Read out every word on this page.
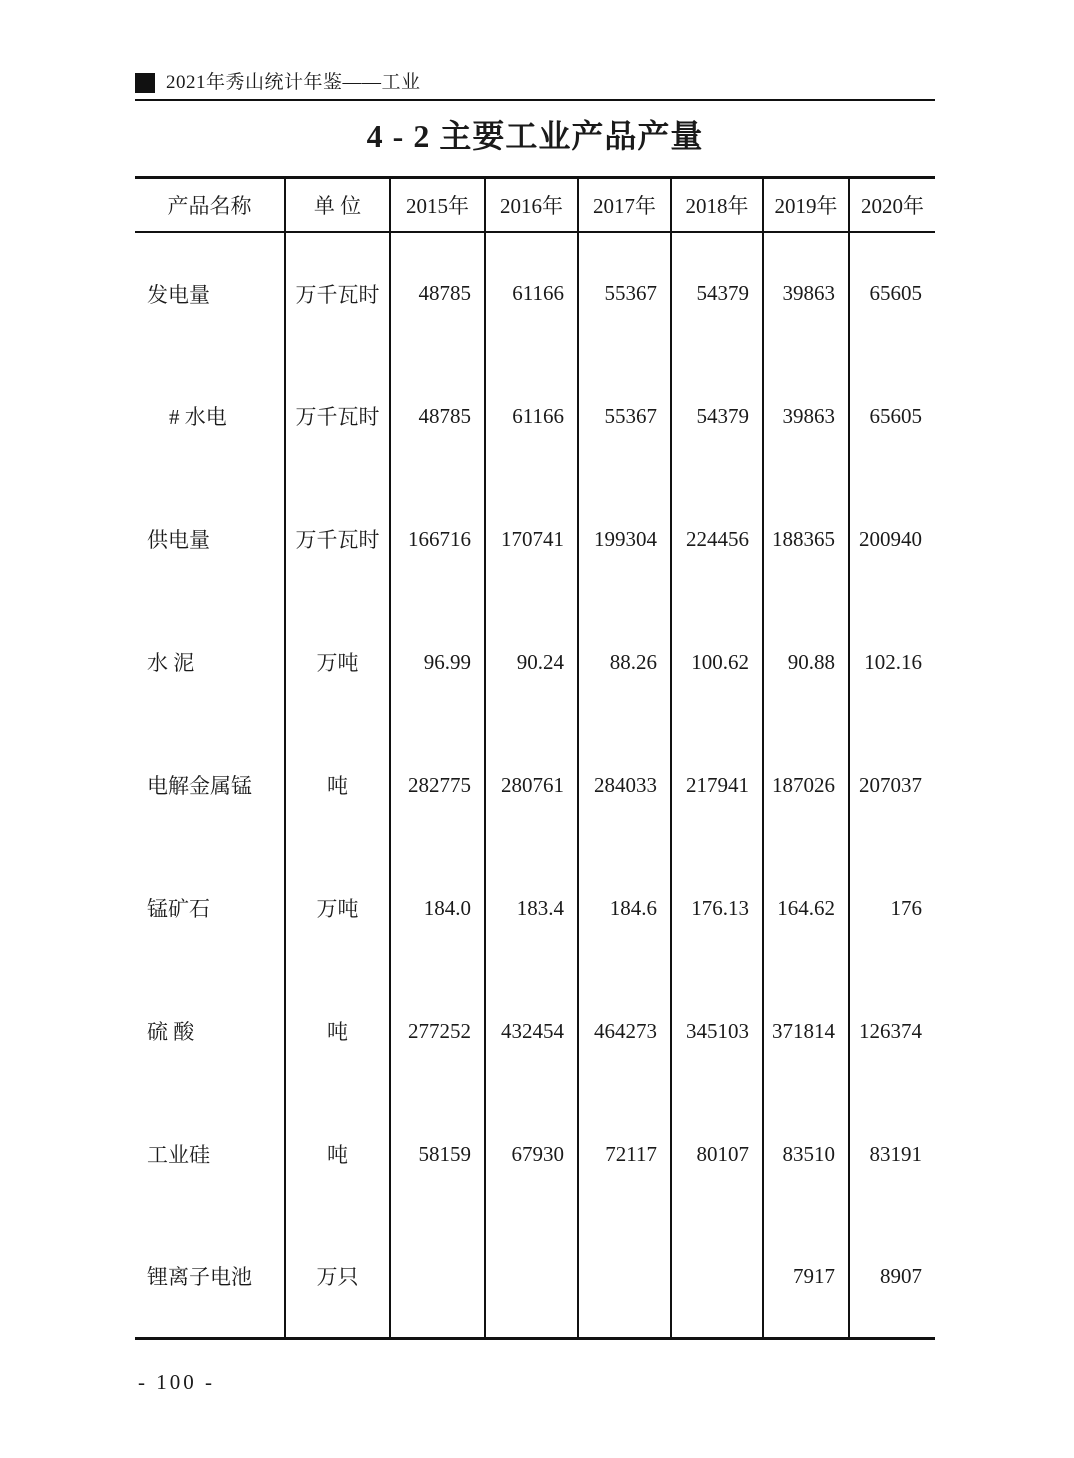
2021年秀山统计年鉴——工业
4 - 2 主要工业产品产量
产品名称	单 位	2015年	2016年	2017年	2018年	2019年	2020年
发电量	万千瓦时	48785	61166	55367	54379	39863	65605
# 水电	万千瓦时	48785	61166	55367	54379	39863	65605
供电量	万千瓦时	166716	170741	199304	224456	188365	200940
水 泥	万吨	96.99	90.24	88.26	100.62	90.88	102.16
电解金属锰	吨	282775	280761	284033	217941	187026	207037
锰矿石	万吨	184.0	183.4	184.6	176.13	164.62	176
硫 酸	吨	277252	432454	464273	345103	371814	126374
工业硅	吨	58159	67930	72117	80107	83510	83191
锂离子电池	万只					7917	8907
- 100 -
